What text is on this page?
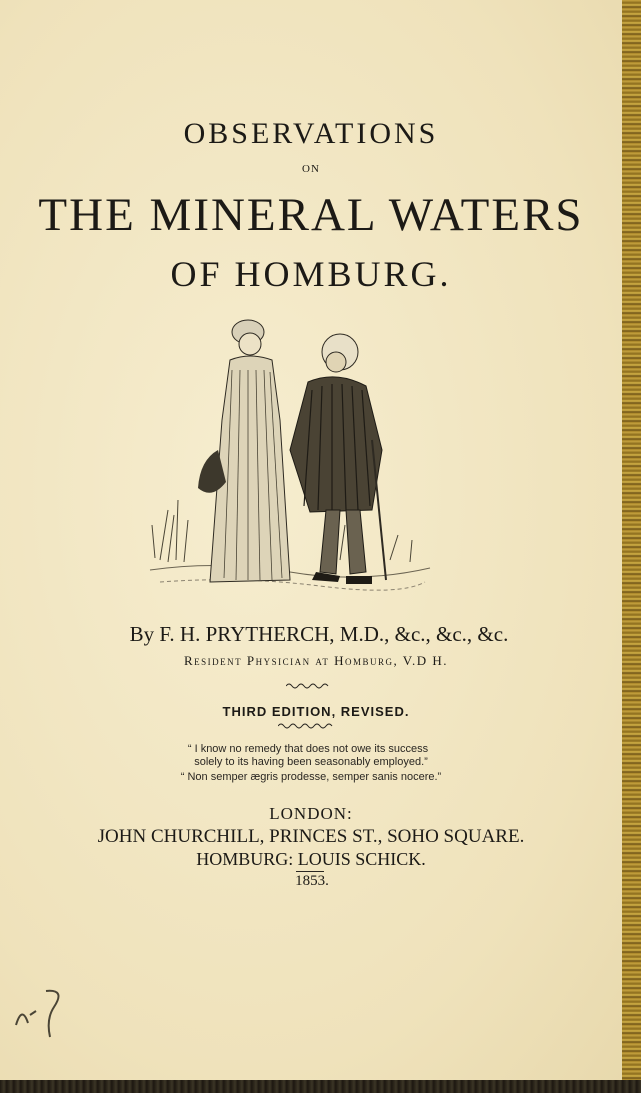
OBSERVATIONS
ON
THE MINERAL WATERS
OF HOMBURG.
By F. H. PRYTHERCH, M.D., &c., &c., &c.
Resident Physician at Homburg, V.D H.
THIRD EDITION, REVISED.
“ I know no remedy that does not owe its success
solely to its having been seasonably employed.”
“ Non semper ægris prodesse, semper sanis nocere.”
LONDON:
JOHN CHURCHILL, PRINCES ST., SOHO SQUARE.
HOMBURG: LOUIS SCHICK.
1853.
